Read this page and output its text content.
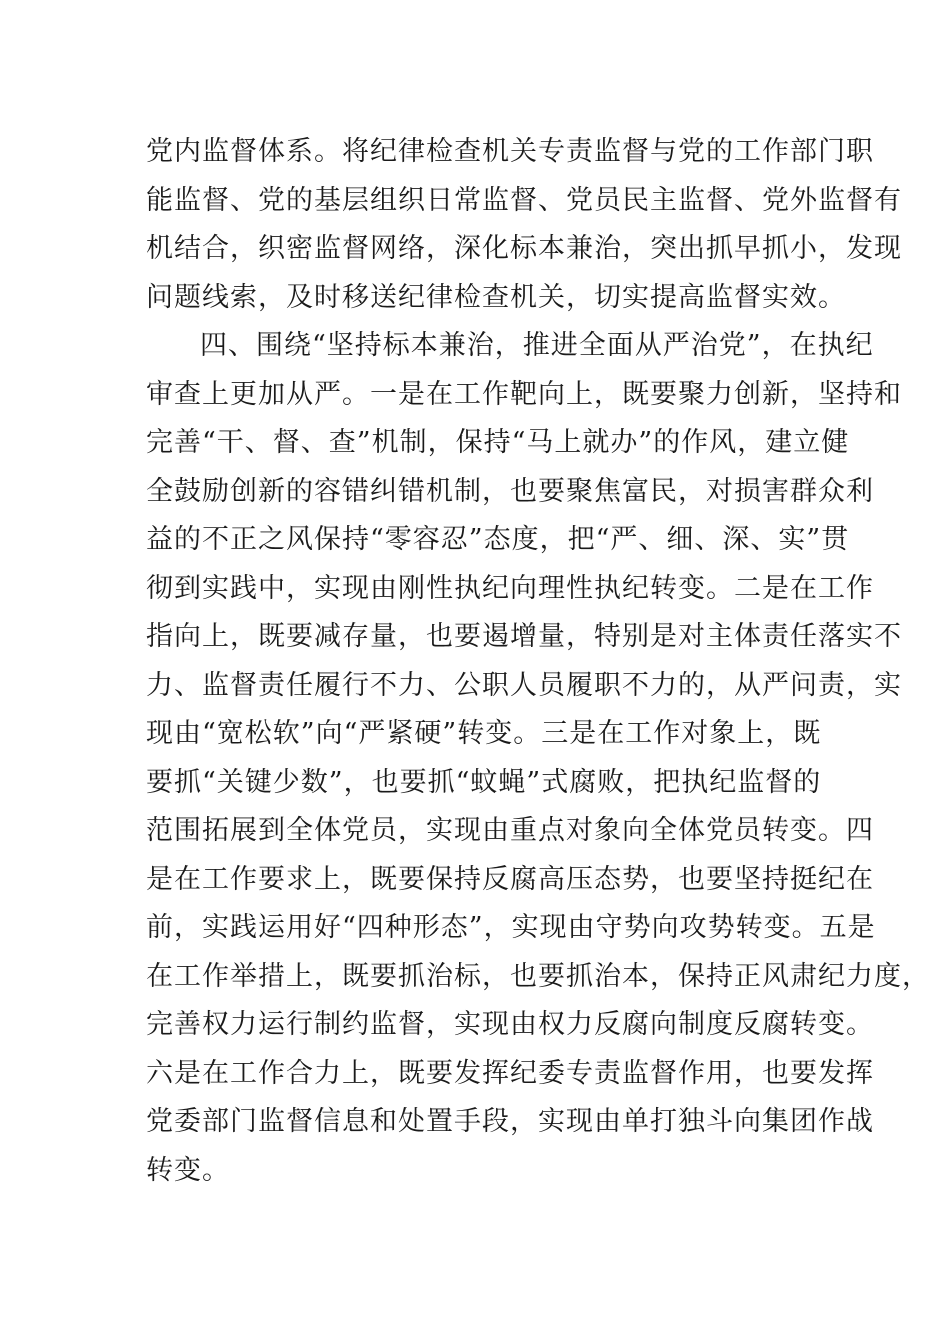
党内监督体系。将纪律检查机关专责监督与党的工作部门职
能监督、党的基层组织日常监督、党员民主监督、党外监督有
机结合，织密监督网络，深化标本兼治，突出抓早抓小，发现
问题线索，及时移送纪律检查机关，切实提高监督实效。
四、围绕“坚持标本兼治，推进全面从严治党”，在执纪
审查上更加从严。一是在工作靶向上，既要聚力创新，坚持和
完善“干、督、查”机制，保持“马上就办”的作风，建立健
全鼓励创新的容错纠错机制，也要聚焦富民，对损害群众利
益的不正之风保持“零容忍”态度，把“严、细、深、实”贯
彻到实践中，实现由刚性执纪向理性执纪转变。二是在工作
指向上，既要减存量，也要遏增量，特别是对主体责任落实不
力、监督责任履行不力、公职人员履职不力的，从严问责，实
现由“宽松软”向“严紧硬”转变。三是在工作对象上，既
要抓“关键少数”，也要抓“蚊蝇”式腐败，把执纪监督的
范围拓展到全体党员，实现由重点对象向全体党员转变。四
是在工作要求上，既要保持反腐高压态势，也要坚持挺纪在
前，实践运用好“四种形态”，实现由守势向攻势转变。五是
在工作举措上，既要抓治标，也要抓治本，保持正风肃纪力度，
完善权力运行制约监督，实现由权力反腐向制度反腐转变。
六是在工作合力上，既要发挥纪委专责监督作用，也要发挥
党委部门监督信息和处置手段，实现由单打独斗向集团作战
转变。
